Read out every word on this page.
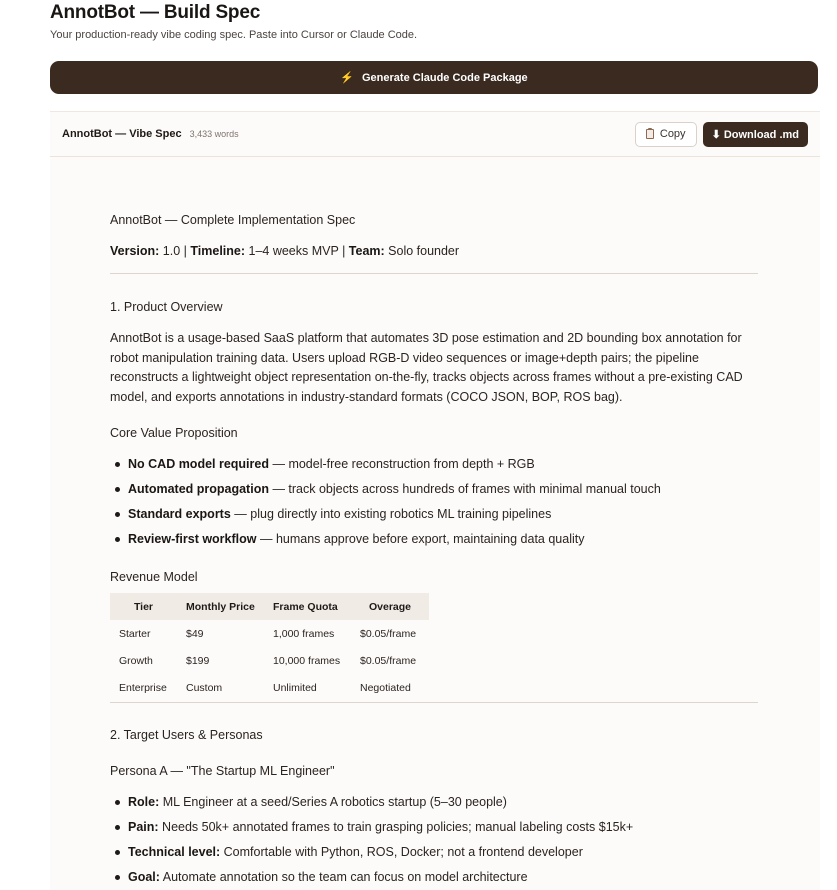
AnnotBot — Build Spec
Your production-ready vibe coding spec. Paste into Cursor or Claude Code.
⚡ Generate Claude Code Package
AnnotBot — Vibe Spec 3,433 words	Copy ⬇ Download .md
AnnotBot — Complete Implementation Spec
Version: 1.0 | Timeline: 1–4 weeks MVP | Team: Solo founder
1. Product Overview
AnnotBot is a usage-based SaaS platform that automates 3D pose estimation and 2D bounding box annotation for robot manipulation training data. Users upload RGB-D video sequences or image+depth pairs; the pipeline reconstructs a lightweight object representation on-the-fly, tracks objects across frames without a pre-existing CAD model, and exports annotations in industry-standard formats (COCO JSON, BOP, ROS bag).
Core Value Proposition
No CAD model required — model-free reconstruction from depth + RGB
Automated propagation — track objects across hundreds of frames with minimal manual touch
Standard exports — plug directly into existing robotics ML training pipelines
Review-first workflow — humans approve before export, maintaining data quality
Revenue Model
Tier	Monthly Price	Frame Quota	Overage
Starter	$49	1,000 frames	$0.05/frame
Growth	$199	10,000 frames	$0.05/frame
Enterprise	Custom	Unlimited	Negotiated
2. Target Users & Personas
Persona A — "The Startup ML Engineer"
Role: ML Engineer at a seed/Series A robotics startup (5–30 people)
Pain: Needs 50k+ annotated frames to train grasping policies; manual labeling costs $15k+
Technical level: Comfortable with Python, ROS, Docker; not a frontend developer
Goal: Automate annotation so the team can focus on model architecture
